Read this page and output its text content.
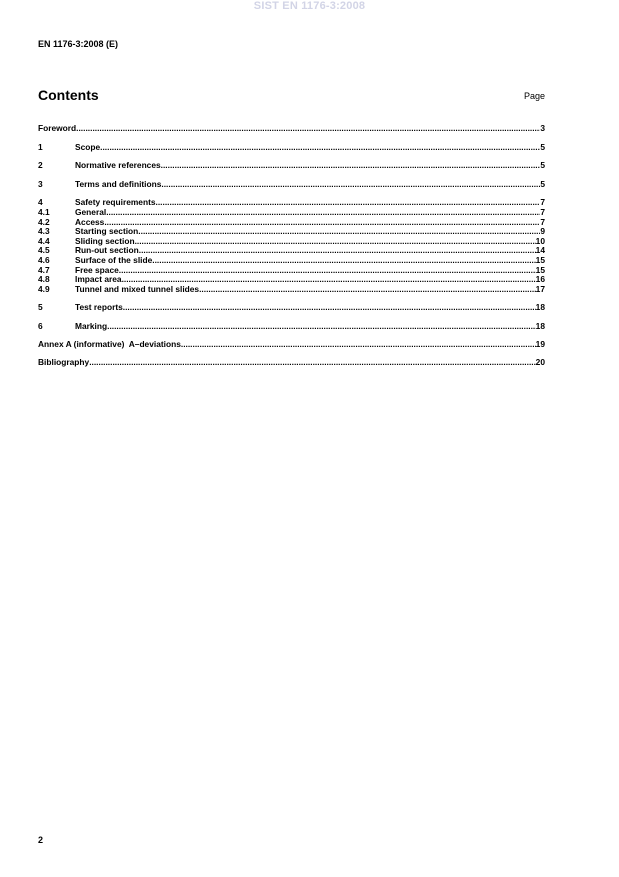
SIST EN 1176-3:2008
EN 1176-3:2008 (E)
Contents	Page
Foreword .....	3
1	Scope .....	5
2	Normative references .....	5
3	Terms and definitions .....	5
4	Safety requirements .....	7
4.1	General .....	7
4.2	Access .....	7
4.3	Starting section .....	9
4.4	Sliding section .....	10
4.5	Run-out section .....	14
4.6	Surface of the slide .....	15
4.7	Free space .....	15
4.8	Impact area .....	16
4.9	Tunnel and mixed tunnel slides .....	17
5	Test reports .....	18
6	Marking .....	18
Annex A (informative)  A–deviations .....	19
Bibliography .....	20
2
